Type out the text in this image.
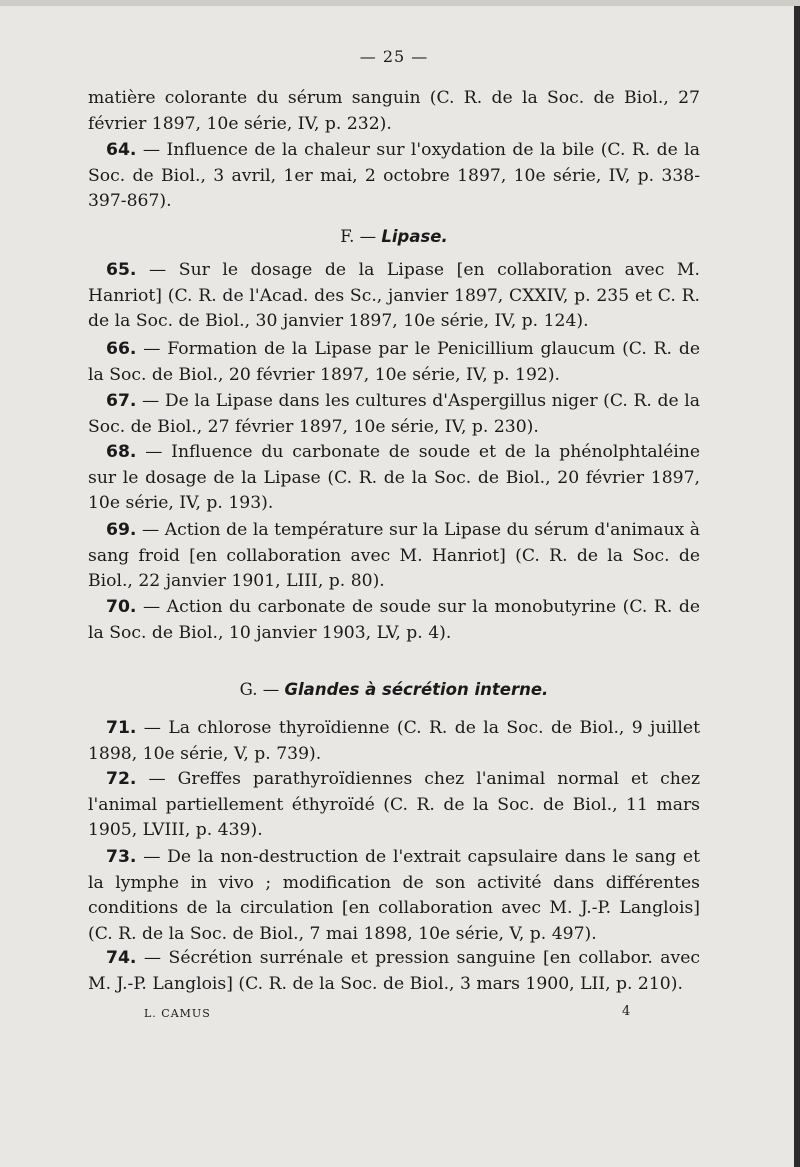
— 25 —

matière colorante du sérum sanguin (C. R. de la Soc. de Biol., 27 février 1897, 10e série, IV, p. 232).

64. — Influence de la chaleur sur l'oxydation de la bile (C. R. de la Soc. de Biol., 3 avril, 1er mai, 2 octobre 1897, 10e série, IV, p. 338-397-867).

F. — Lipase.

65. — Sur le dosage de la Lipase [en collaboration avec M. Hanriot] (C. R. de l'Acad. des Sc., janvier 1897, CXXIV, p. 235 et C. R. de la Soc. de Biol., 30 janvier 1897, 10e série, IV, p. 124).

66. — Formation de la Lipase par le Penicillium glaucum (C. R. de la Soc. de Biol., 20 février 1897, 10e série, IV, p. 192).

67. — De la Lipase dans les cultures d'Aspergillus niger (C. R. de la Soc. de Biol., 27 février 1897, 10e série, IV, p. 230).

68. — Influence du carbonate de soude et de la phénolphtaléine sur le dosage de la Lipase (C. R. de la Soc. de Biol., 20 février 1897, 10e série, IV, p. 193).

69. — Action de la température sur la Lipase du sérum d'animaux à sang froid [en collaboration avec M. Hanriot] (C. R. de la Soc. de Biol., 22 janvier 1901, LIII, p. 80).

70. — Action du carbonate de soude sur la monobutyrine (C. R. de la Soc. de Biol., 10 janvier 1903, LV, p. 4).

G. — Glandes à sécrétion interne.

71. — La chlorose thyroïdienne (C. R. de la Soc. de Biol., 9 juillet 1898, 10e série, V, p. 739).

72. — Greffes parathyroïdiennes chez l'animal normal et chez l'animal partiellement éthyroïdé (C. R. de la Soc. de Biol., 11 mars 1905, LVIII, p. 439).

73. — De la non-destruction de l'extrait capsulaire dans le sang et la lymphe in vivo ; modification de son activité dans différentes conditions de la circulation [en collaboration avec M. J.-P. Langlois] (C. R. de la Soc. de Biol., 7 mai 1898, 10e série, V, p. 497).

74. — Sécrétion surrénale et pression sanguine [en collabor. avec M. J.-P. Langlois] (C. R. de la Soc. de Biol., 3 mars 1900, LII, p. 210).

L. CAMUS	4
